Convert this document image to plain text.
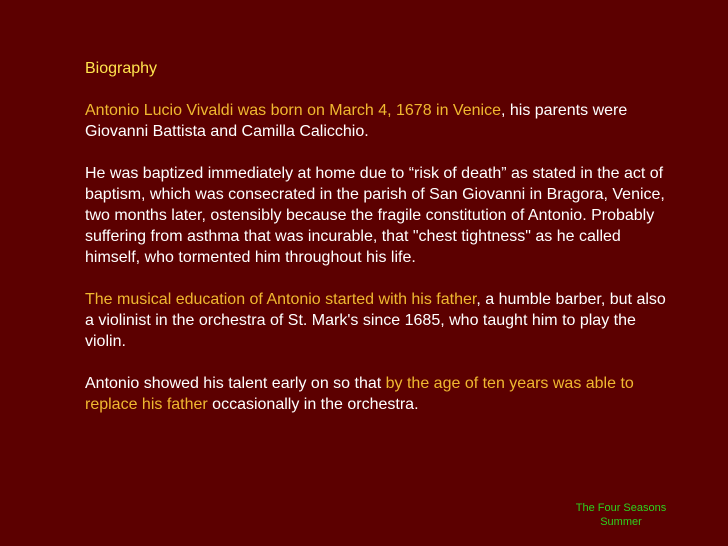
Biography

Antonio Lucio Vivaldi was born on March 4, 1678 in Venice, his parents were Giovanni Battista and Camilla Calicchio.

He was baptized immediately at home due to “risk of death” as stated in the act of baptism, which was consecrated in the parish of San Giovanni in Bragora, Venice, two months later, ostensibly because the fragile constitution of Antonio. Probably suffering from asthma that was incurable, that "chest tightness" as he called himself, who tormented him throughout his life.

The musical education of Antonio started with his father, a humble barber, but also a violinist in the orchestra of St. Mark's since 1685, who taught him to play the violin.

Antonio showed his talent early on so that by the age of ten years was able to replace his father occasionally in the orchestra.

The Four Seasons
Summer
